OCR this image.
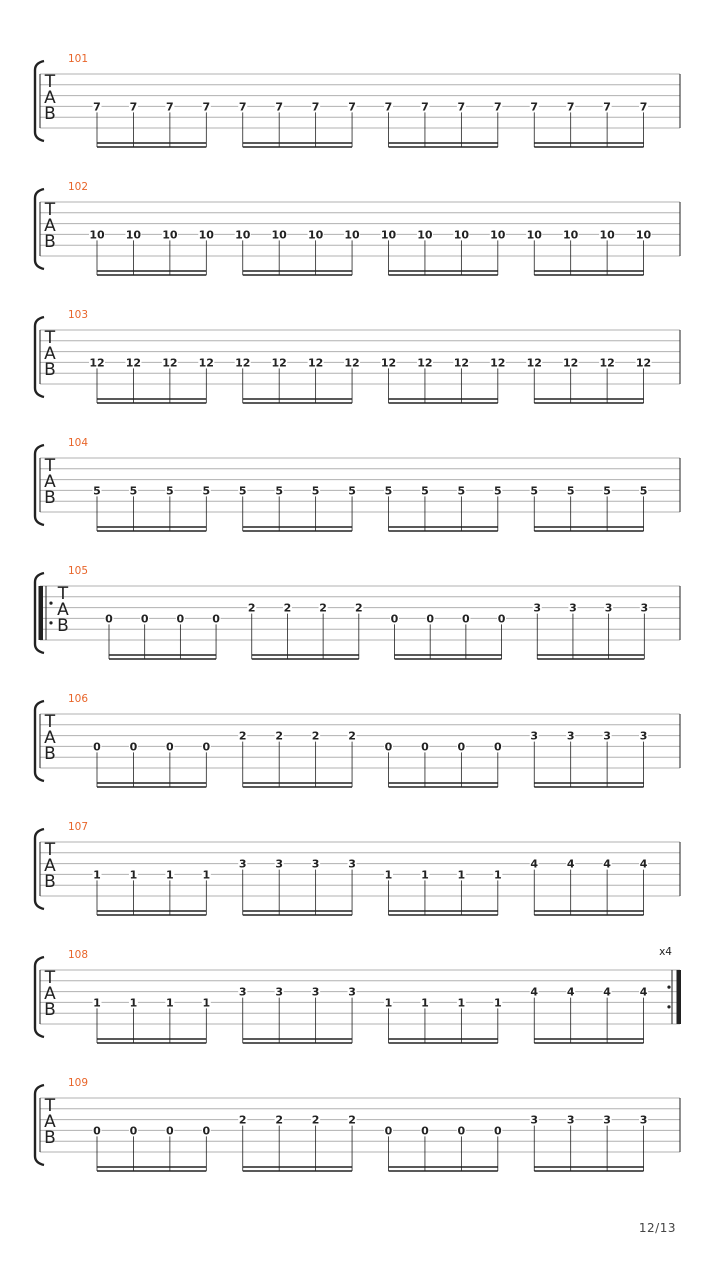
101
T
A
B	7	7	7	7	7	7	7	7	7	7	7	7	7	7	7	7
102
T
A
B	10 10 10 10 10 10 10 10 10 10 10 10 10 10 10 10
103
T
A
B	12 12 12 12 12 12 12 12 12 12 12 12 12 12 12 12
104
T
A
B	5	5	5	5	5	5	5	5	5	5	5	5	5	5	5	5
105
T
A
B	0	0	0	0
2	2	2	2
0	0	0	0
3	3	3	3
106
T
A
B	0	0	0	0
2	2	2	2
0	0	0	0
3	3	3	3
107
T
A
B	1	1	1	1
3	3	3	3
1	1	1	1
4	4	4	4
108
T
A
B
x4
1	1	1	1
3	3	3	3
1	1	1	1
4	4	4	4
109
T
A
B	0	0	0	0
2	2	2	2
0	0	0	0
3	3	3	3
12/13
